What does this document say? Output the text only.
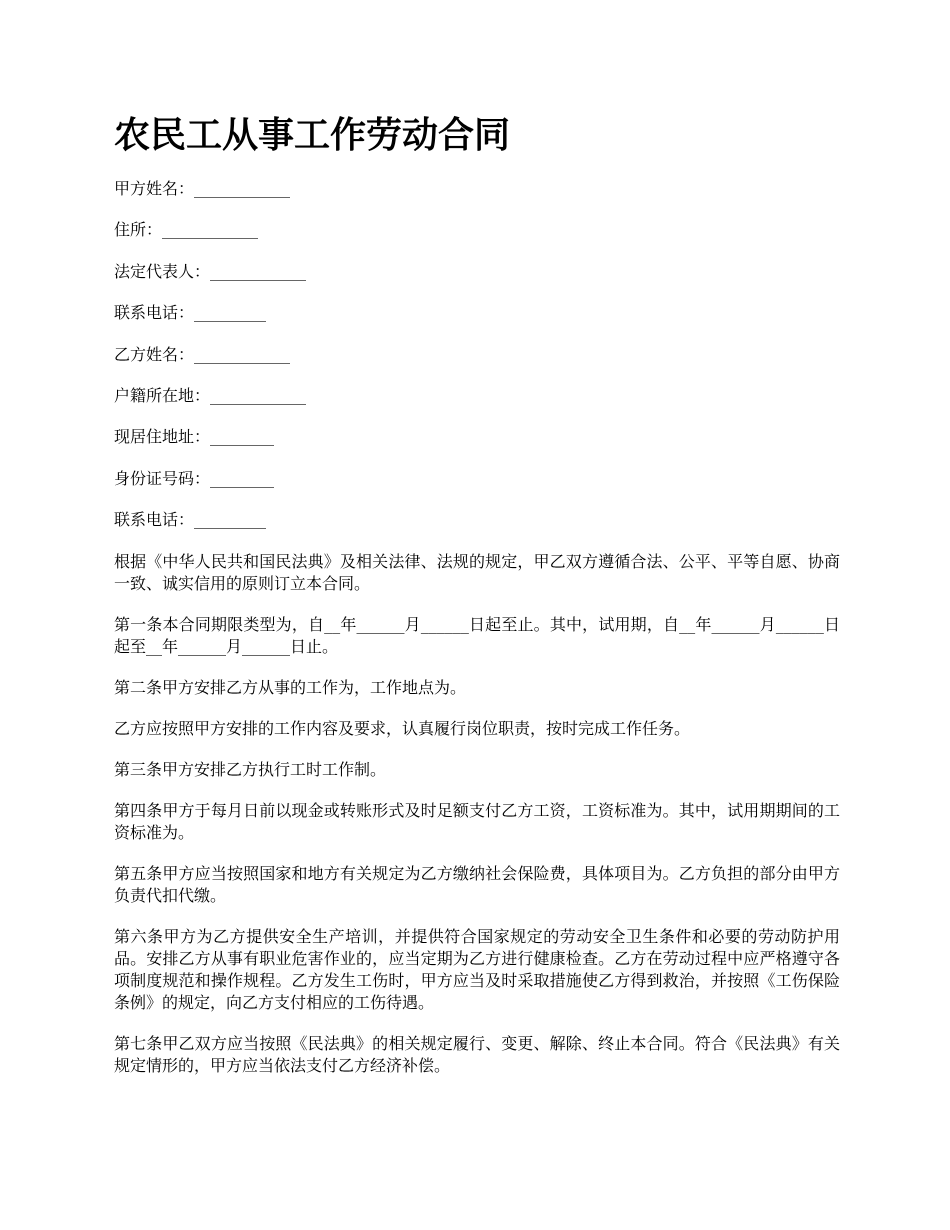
农民工从事工作劳动合同

甲方姓名：____________

住所：____________

法定代表人：____________

联系电话：_________

乙方姓名：____________

户籍所在地：____________

现居住地址：________

身份证号码：________

联系电话：_________

根据《中华人民共和国民法典》及相关法律、法规的规定，甲乙双方遵循合法、公平、平等自愿、协商一致、诚实信用的原则订立本合同。

第一条本合同期限类型为，自__年______月______日起至止。其中，试用期，自__年______月______日起至__年______月______日止。

第二条甲方安排乙方从事的工作为，工作地点为。

乙方应按照甲方安排的工作内容及要求，认真履行岗位职责，按时完成工作任务。

第三条甲方安排乙方执行工时工作制。

第四条甲方于每月日前以现金或转账形式及时足额支付乙方工资，工资标准为。其中，试用期期间的工资标准为。

第五条甲方应当按照国家和地方有关规定为乙方缴纳社会保险费，具体项目为。乙方负担的部分由甲方负责代扣代缴。

第六条甲方为乙方提供安全生产培训，并提供符合国家规定的劳动安全卫生条件和必要的劳动防护用品。安排乙方从事有职业危害作业的，应当定期为乙方进行健康检查。乙方在劳动过程中应严格遵守各项制度规范和操作规程。乙方发生工伤时，甲方应当及时采取措施使乙方得到救治，并按照《工伤保险条例》的规定，向乙方支付相应的工伤待遇。

第七条甲乙双方应当按照《民法典》的相关规定履行、变更、解除、终止本合同。符合《民法典》有关规定情形的，甲方应当依法支付乙方经济补偿。
